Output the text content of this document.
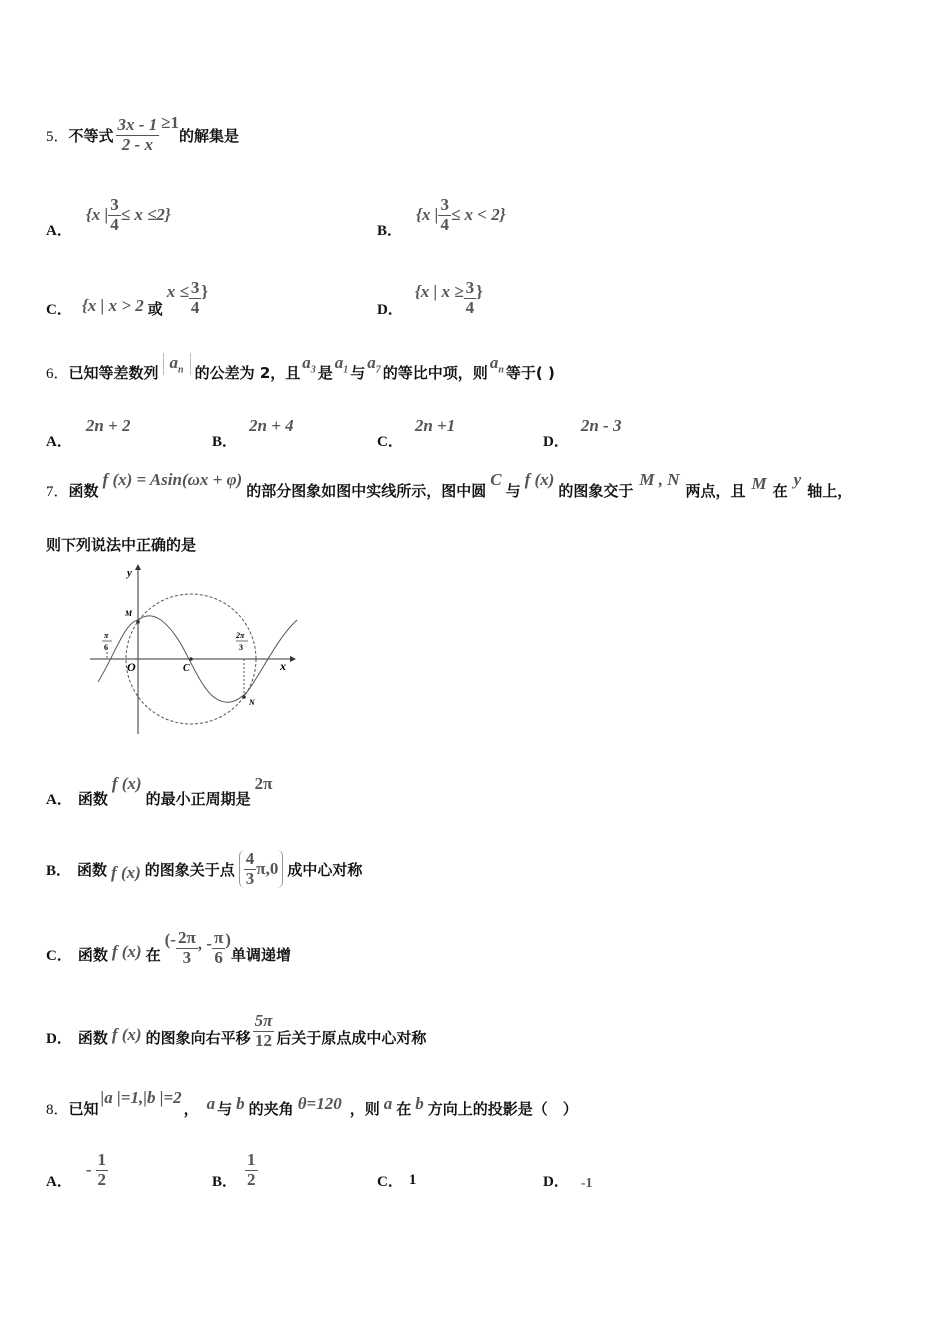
5． 不等式 $\frac{3x - 1}{2 - x} \ge 1$
的解集是
A．
{x | $\frac{3}{4} \le x \le 2$}
B．
{x | $\frac{3}{4} \le x < 2$}
C． {x | x > 2 或
$x \le \frac{3}{4}$ }
D．
{x | $x \ge \frac{3}{4}$ }
6． 已知等差数列
$a_n$ 的公差为 2，且
$a_3$ 是
$a_1$ 与
$a_7$ 的等比中项，则
$a_n$ 等于( )
A．
2n + 2
B．
2n + 4
C．
2n +1
D．
2n - 3
7． 函数
f (x) = Asin(ωx + φ)
的部分图象如图中实线所示，图中圆
C
与
f (x)
的图象交于
M , N
两点，且 M 在
y
轴上，
则下列说法中正确的是
y
x
O
M
N
C
π
6
2π
3
A． 函数
f (x)
的最小正周期是
2π
B． 函数 f (x) 的图象关于点 $\frac{4}{3} \pi,0$ 成中心对称
C． 函数 f (x) 在
(- $\frac{2\pi}{3}$ , - $\frac{\pi}{6}$ )
单调递增
D． 函数 f (x) 的图象向右平移 $\frac{5\pi}{12}$ 后关于原点成中心对称
8． 已知
|a |=1,|b |=2
， a 与 b 的夹角 θ=120 ，则 a 在 b 方向上的投影是（　）
A．
- $\frac{1}{2}$	B． $\frac{1}{2}$	C． 1	D． -1
